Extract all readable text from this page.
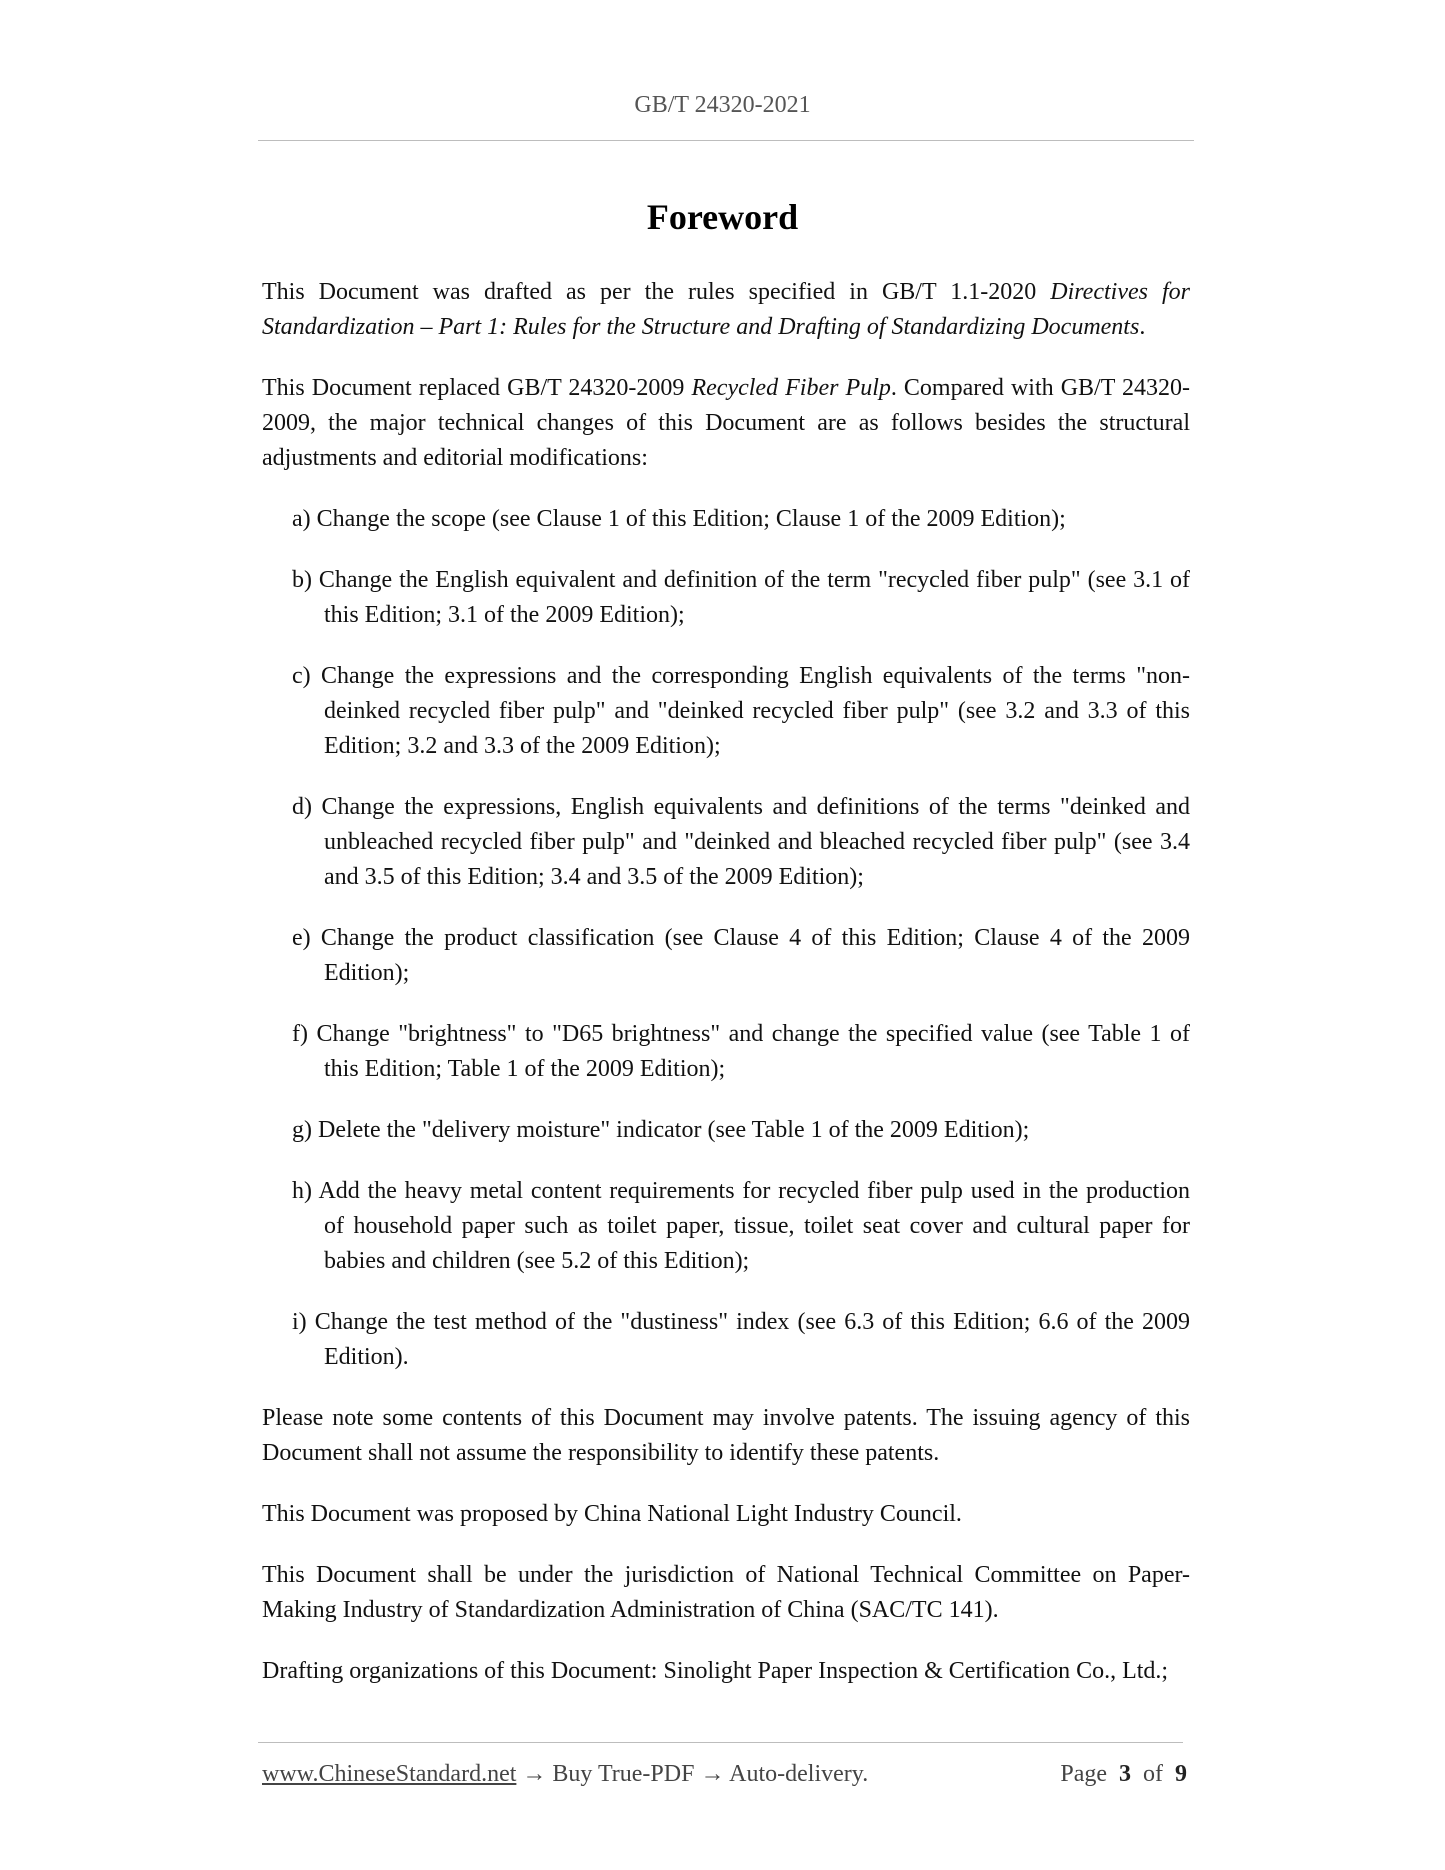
GB/T 24320-2021
Foreword

This Document was drafted as per the rules specified in GB/T 1.1-2020 Directives for Standardization – Part 1: Rules for the Structure and Drafting of Standardizing Documents.

This Document replaced GB/T 24320-2009 Recycled Fiber Pulp. Compared with GB/T 24320-2009, the major technical changes of this Document are as follows besides the structural adjustments and editorial modifications:

a) Change the scope (see Clause 1 of this Edition; Clause 1 of the 2009 Edition);
b) Change the English equivalent and definition of the term "recycled fiber pulp" (see 3.1 of this Edition; 3.1 of the 2009 Edition);
c) Change the expressions and the corresponding English equivalents of the terms "non-deinked recycled fiber pulp" and "deinked recycled fiber pulp" (see 3.2 and 3.3 of this Edition; 3.2 and 3.3 of the 2009 Edition);
d) Change the expressions, English equivalents and definitions of the terms "deinked and unbleached recycled fiber pulp" and "deinked and bleached recycled fiber pulp" (see 3.4 and 3.5 of this Edition; 3.4 and 3.5 of the 2009 Edition);
e) Change the product classification (see Clause 4 of this Edition; Clause 4 of the 2009 Edition);
f) Change "brightness" to "D65 brightness" and change the specified value (see Table 1 of this Edition; Table 1 of the 2009 Edition);
g) Delete the "delivery moisture" indicator (see Table 1 of the 2009 Edition);
h) Add the heavy metal content requirements for recycled fiber pulp used in the production of household paper such as toilet paper, tissue, toilet seat cover and cultural paper for babies and children (see 5.2 of this Edition);
i) Change the test method of the "dustiness" index (see 6.3 of this Edition; 6.6 of the 2009 Edition).

Please note some contents of this Document may involve patents. The issuing agency of this Document shall not assume the responsibility to identify these patents.

This Document was proposed by China National Light Industry Council.

This Document shall be under the jurisdiction of National Technical Committee on Paper-Making Industry of Standardization Administration of China (SAC/TC 141).

Drafting organizations of this Document: Sinolight Paper Inspection & Certification Co., Ltd.;

www.ChineseStandard.net → Buy True-PDF → Auto-delivery.	Page 3 of 9
